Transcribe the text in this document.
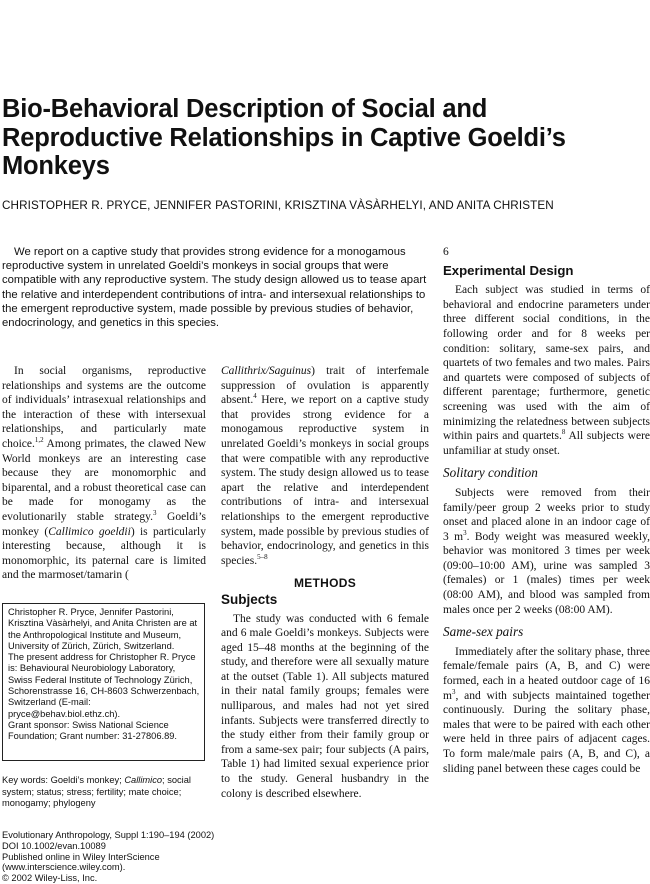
Bio-Behavioral Description of Social and Reproductive Relationships in Captive Goeldi’s Monkeys
CHRISTOPHER R. PRYCE, JENNIFER PASTORINI, KRISZTINA VÀSÀRHELYI, AND ANITA CHRISTEN

We report on a captive study that provides strong evidence for a monogamous reproductive system in unrelated Goeldi’s monkeys in social groups that were compatible with any reproductive system. The study design allowed us to tease apart the relative and interdependent contributions of intra- and intersexual relationships to the emergent reproductive system, made possible by previous studies of behavior, endocrinology, and genetics in this species.

In social organisms, reproductive relationships and systems are the outcome of individuals’ intrasexual relationships and the interaction of these with intersexual relationships, and particularly mate choice.$^{1,2}$ Among primates, the clawed New World monkeys are an interesting case because they are monomorphic and biparental, and a robust theoretical case can be made for monogamy as the evolutionarily stable strategy.$^3$ Goeldi’s monkey (Callimico goeldii) is particularly interesting because, although it is monomorphic, its paternal care is limited and the marmoset/tamarin (

Callithrix/Saguinus) trait of interfemale suppression of ovulation is apparently absent.$^4$ Here, we report on a captive study that provides strong evidence for a monogamous reproductive system in unrelated Goeldi’s monkeys in social groups that were compatible with any reproductive system. The study design allowed us to tease apart the relative and interdependent contributions of intra- and intersexual relationships to the emergent reproductive system, made possible by previous studies of behavior, endocrinology, and genetics in this species.$^{5-8}$

METHODS
Subjects

The study was conducted with 6 female and 6 male Goeldi’s monkeys. Subjects were aged 15–48 months at the beginning of the study, and therefore were all sexually mature at the outset (Table 1). All subjects matured in their natal family groups; females were nulliparous, and males had not yet sired infants. Subjects were transferred directly to the study either from their family group or from a same-sex pair; four subjects (A pairs, Table 1) had limited sexual experience prior to the study. General husbandry in the colony is described elsewhere.

6

Experimental Design

Each subject was studied in terms of behavioral and endocrine parameters under three different social conditions, in the following order and for 8 weeks per condition: solitary, same-sex pairs, and quartets of two females and two males. Pairs and quartets were composed of subjects of different parentage; furthermore, genetic screening was used with the aim of minimizing the relatedness between subjects within pairs and quartets.$^8$ All subjects were unfamiliar at study onset.

Solitary condition

Subjects were removed from their family/peer group 2 weeks prior to study onset and placed alone in an indoor cage of 3 $m^3$. Body weight was measured weekly, behavior was monitored 3 times per week (09:00–10:00 AM), urine was sampled 3 (females) or 1 (males) times per week (08:00 AM), and blood was sampled from males once per 2 weeks (08:00 AM).

Same-sex pairs

Immediately after the solitary phase, three female/female pairs (A, B, and C) were formed, each in a heated outdoor cage of 16 $m^3$, and with subjects maintained together continuously. During the solitary phase, males that were to be paired with each other were held in three pairs of adjacent cages. To form male/male pairs (A, B, and C), a sliding panel between these cages could be

Christopher R. Pryce, Jennifer Pastorini, Krisztina Vàsàrhelyi, and Anita Christen are at the Anthropological Institute and Museum, University of Zürich, Zürich, Switzerland.

The present address for Christopher R. Pryce is: Behavioural Neurobiology Laboratory, Swiss Federal Institute of Technology Zürich, Schorenstrasse 16, CH-8603 Schwerzenbach, Switzerland (E-mail: pryce@behav.biol.ethz.ch).

Grant sponsor: Swiss National Science Foundation; Grant number: 31-27806.89.

Key words: Goeldi’s monkey; Callimico; social system; status; stress; fertility; mate choice; monogamy; phylogeny
Evolutionary Anthropology, Suppl 1:190–194 (2002)
DOI 10.1002/evan.10089
Published online in Wiley InterScience
(www.interscience.wiley.com).
© 2002 Wiley-Liss, Inc.
